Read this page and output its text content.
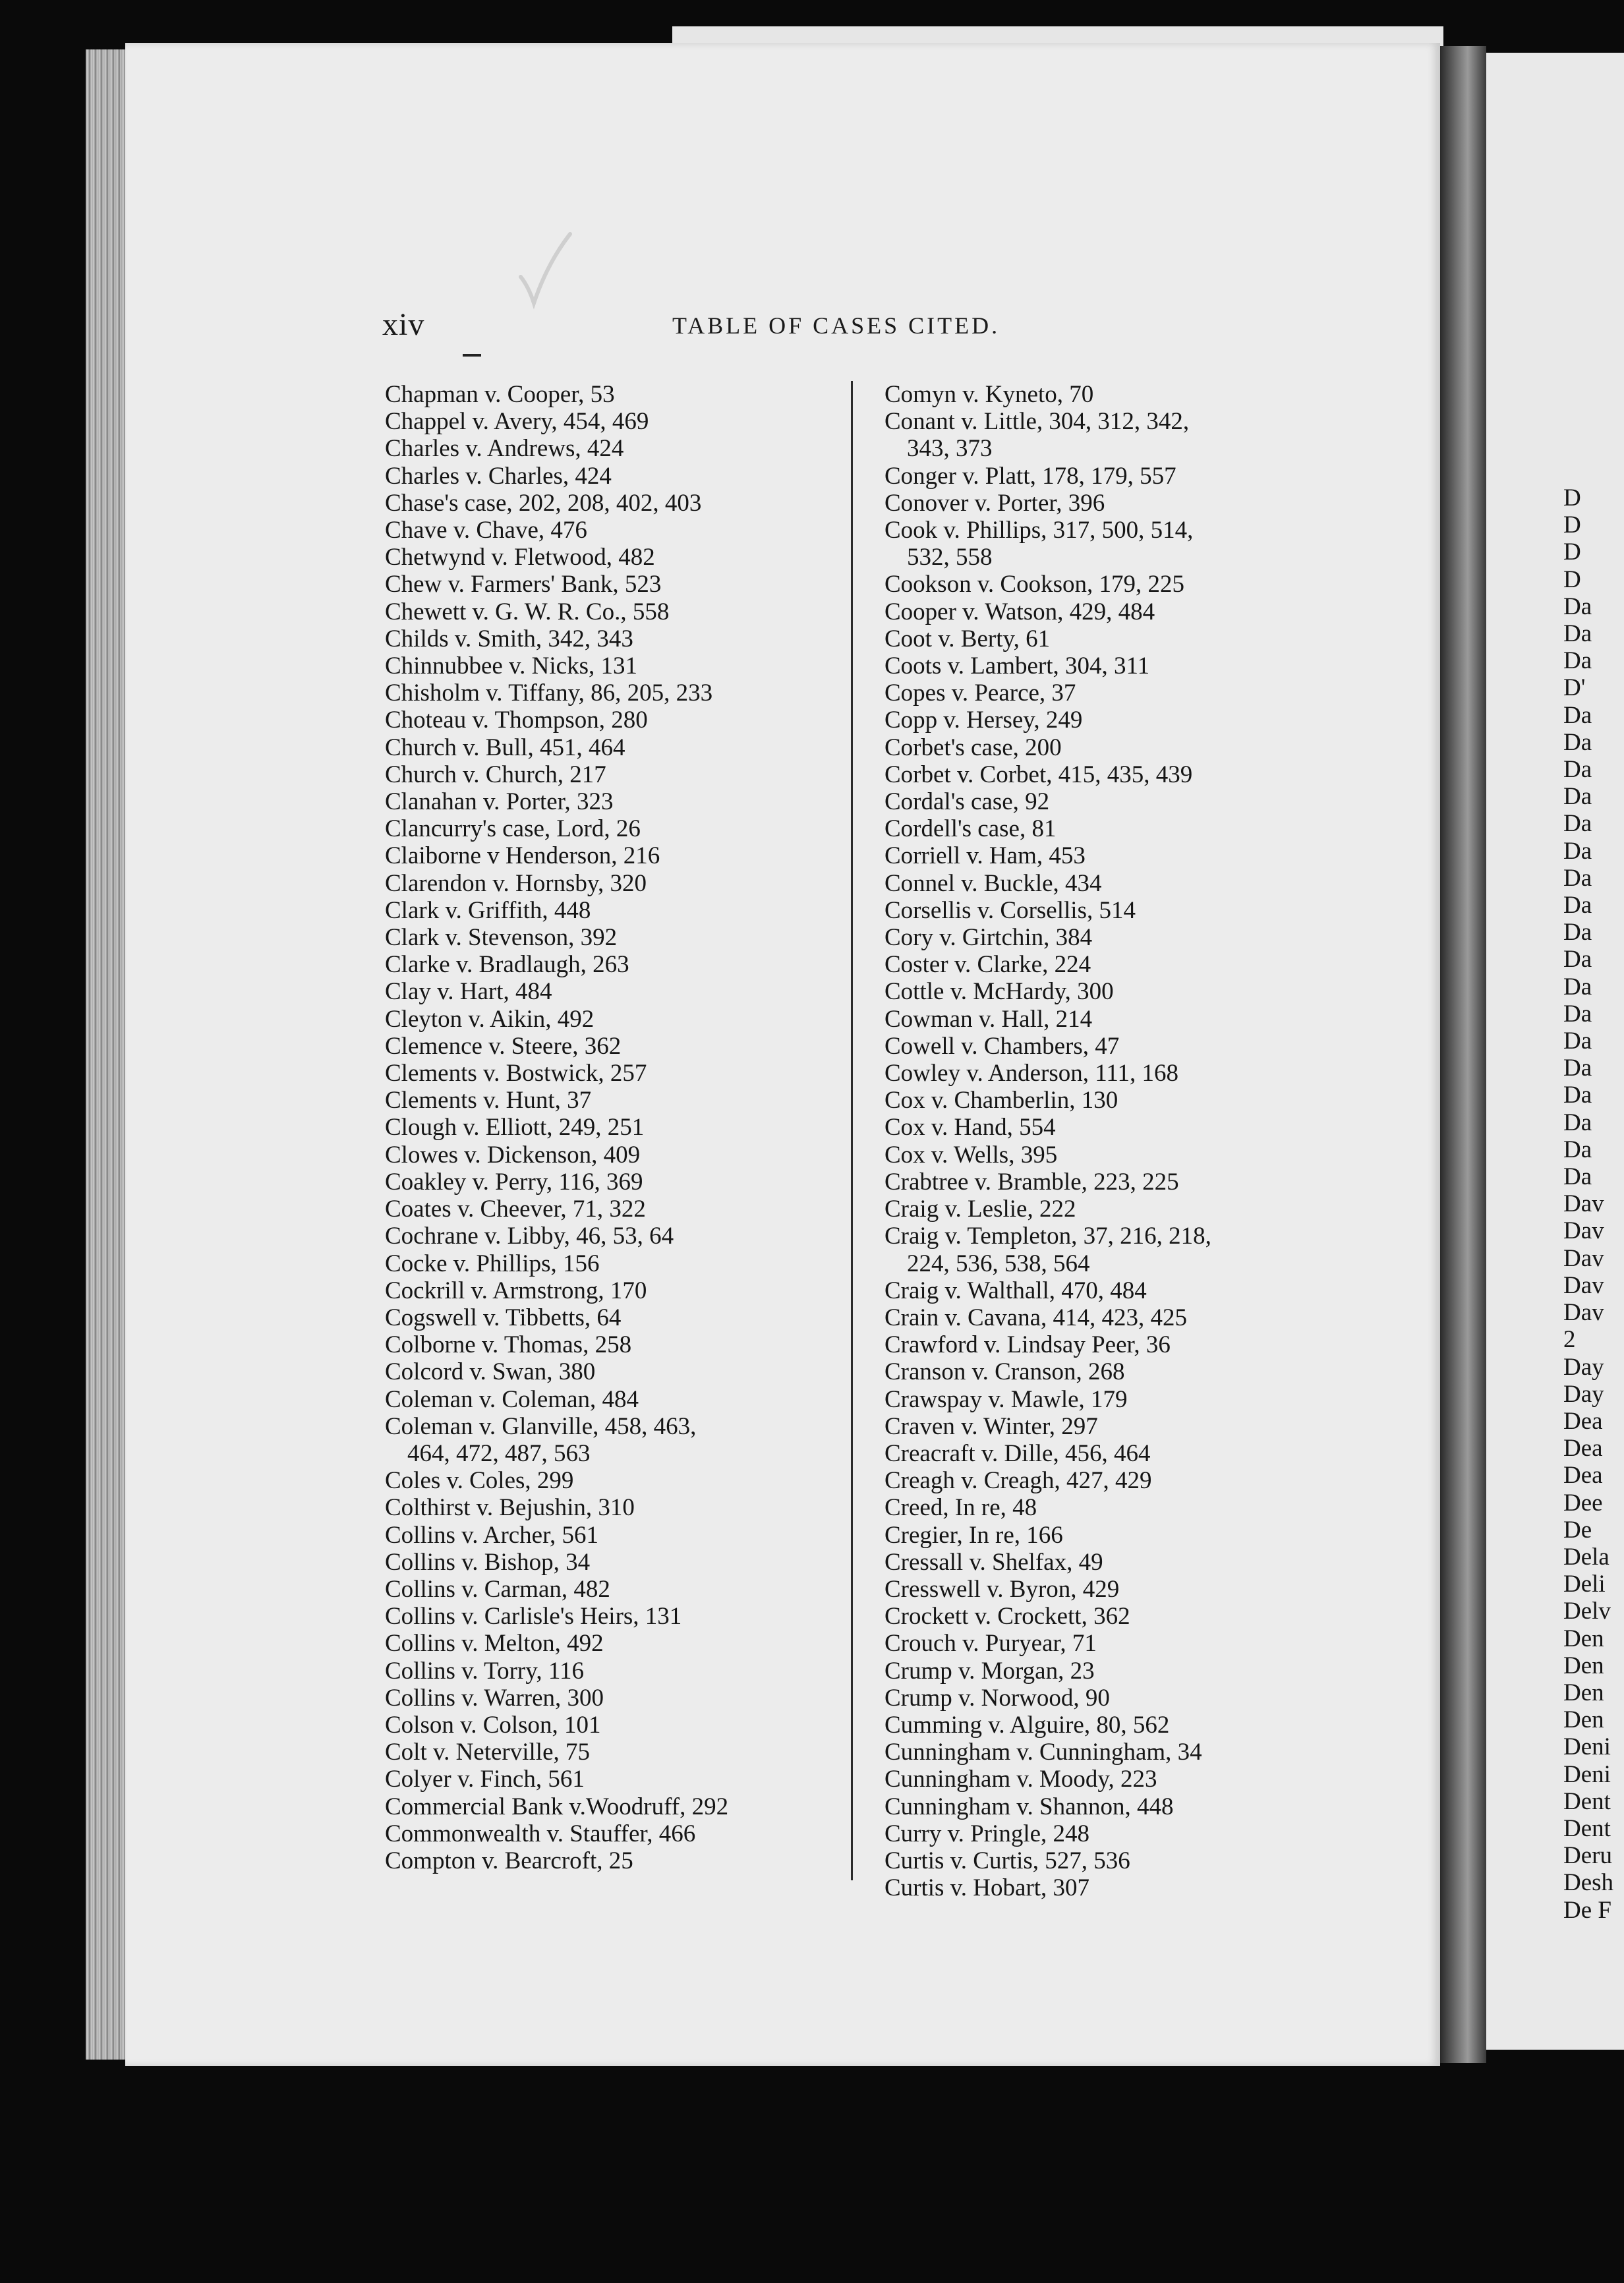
xiv	TABLE OF CASES CITED.
Chapman v. Cooper, 53
Chappel v. Avery, 454, 469
Charles v. Andrews, 424
Charles v. Charles, 424
Chase's case, 202, 208, 402, 403
Chave v. Chave, 476
Chetwynd v. Fletwood, 482
Chew v. Farmers' Bank, 523
Chewett v. G. W. R. Co., 558
Childs v. Smith, 342, 343
Chinnubbee v. Nicks, 131
Chisholm v. Tiffany, 86, 205, 233
Choteau v. Thompson, 280
Church v. Bull, 451, 464
Church v. Church, 217
Clanahan v. Porter, 323
Clancurry's case, Lord, 26
Claiborne v Henderson, 216
Clarendon v. Hornsby, 320
Clark v. Griffith, 448
Clark v. Stevenson, 392
Clarke v. Bradlaugh, 263
Clay v. Hart, 484
Cleyton v. Aikin, 492
Clemence v. Steere, 362
Clements v. Bostwick, 257
Clements v. Hunt, 37
Clough v. Elliott, 249, 251
Clowes v. Dickenson, 409
Coakley v. Perry, 116, 369
Coates v. Cheever, 71, 322
Cochrane v. Libby, 46, 53, 64
Cocke v. Phillips, 156
Cockrill v. Armstrong, 170
Cogswell v. Tibbetts, 64
Colborne v. Thomas, 258
Colcord v. Swan, 380
Coleman v. Coleman, 484
Coleman v. Glanville, 458, 463,
464, 472, 487, 563
Coles v. Coles, 299
Colthirst v. Bejushin, 310
Collins v. Archer, 561
Collins v. Bishop, 34
Collins v. Carman, 482
Collins v. Carlisle's Heirs, 131
Collins v. Melton, 492
Collins v. Torry, 116
Collins v. Warren, 300
Colson v. Colson, 101
Colt v. Neterville, 75
Colyer v. Finch, 561
Commercial Bank v.Woodruff, 292
Commonwealth v. Stauffer, 466
Compton v. Bearcroft, 25
Comyn v. Kyneto, 70
Conant v. Little, 304, 312, 342,
343, 373
Conger v. Platt, 178, 179, 557
Conover v. Porter, 396
Cook v. Phillips, 317, 500, 514,
532, 558
Cookson v. Cookson, 179, 225
Cooper v. Watson, 429, 484
Coot v. Berty, 61
Coots v. Lambert, 304, 311
Copes v. Pearce, 37
Copp v. Hersey, 249
Corbet's case, 200
Corbet v. Corbet, 415, 435, 439
Cordal's case, 92
Cordell's case, 81
Corriell v. Ham, 453
Connel v. Buckle, 434
Corsellis v. Corsellis, 514
Cory v. Girtchin, 384
Coster v. Clarke, 224
Cottle v. McHardy, 300
Cowman v. Hall, 214
Cowell v. Chambers, 47
Cowley v. Anderson, 111, 168
Cox v. Chamberlin, 130
Cox v. Hand, 554
Cox v. Wells, 395
Crabtree v. Bramble, 223, 225
Craig v. Leslie, 222
Craig v. Templeton, 37, 216, 218,
224, 536, 538, 564
Craig v. Walthall, 470, 484
Crain v. Cavana, 414, 423, 425
Crawford v. Lindsay Peer, 36
Cranson v. Cranson, 268
Crawspay v. Mawle, 179
Craven v. Winter, 297
Creacraft v. Dille, 456, 464
Creagh v. Creagh, 427, 429
Creed, In re, 48
Cregier, In re, 166
Cressall v. Shelfax, 49
Cresswell v. Byron, 429
Crockett v. Crockett, 362
Crouch v. Puryear, 71
Crump v. Morgan, 23
Crump v. Norwood, 90
Cumming v. Alguire, 80, 562
Cunningham v. Cunningham, 34
Cunningham v. Moody, 223
Cunningham v. Shannon, 448
Curry v. Pringle, 248
Curtis v. Curtis, 527, 536
Curtis v. Hobart, 307
D
D
D
D
Da
Da
Da
D'
Da
Da
Da
Da
Da
Da
Da
Da
Da
Da
Da
Da
Da
Da
Da
Da
Da
Da
Dav
Dav
Dav
Dav
Dav
2
Day
Day
Dea
Dea
Dea
Dee
De
Dela
Deli
Delv
Den
Den
Den
Den
Deni
Deni
Dent
Dent
Deru
Desh
De F
